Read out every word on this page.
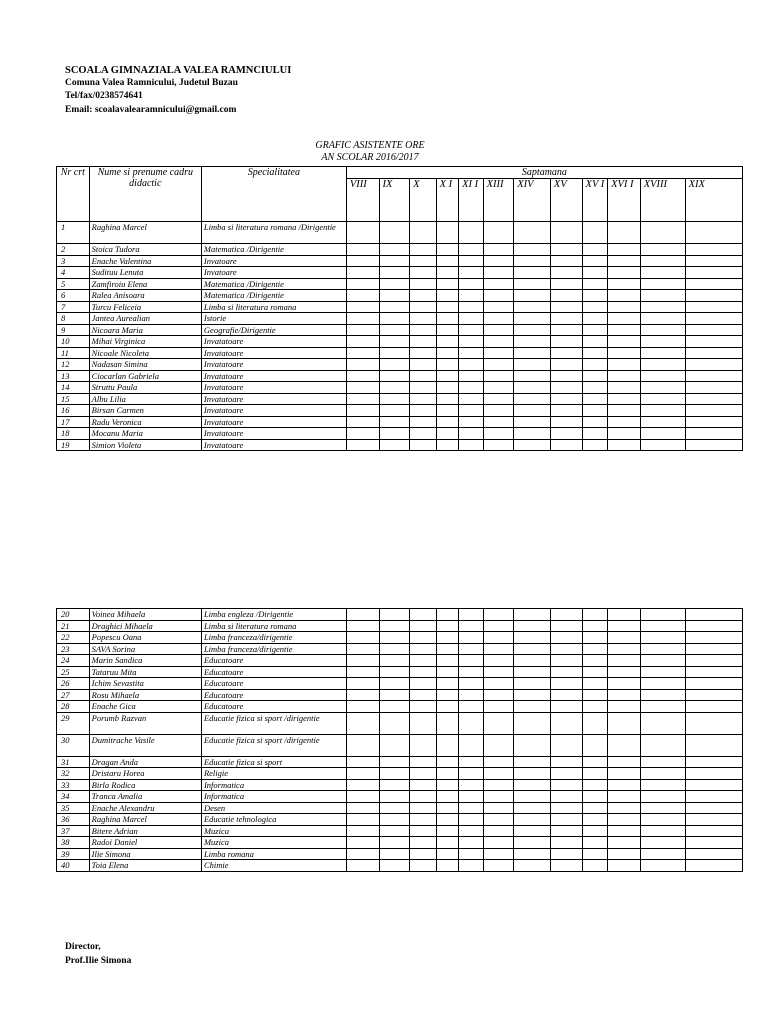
SCOALA GIMNAZIALA VALEA RAMNCIULUI
Comuna Valea Ramnicului, Judetul Buzau
Tel/fax/0238574641
Email: scoalavalearamnicului@gmail.com
GRAFIC ASISTENTE ORE
AN SCOLAR 2016/2017
Nr crt	Nume si prenume cadru didactic	Specialitatea	Saptamana											
			VIII	IX	X	X I	XI I	XIII	XIV	XV	XV I	XVI I	XVIII	XIX
1	Raghina Marcel	Limba si literatura romana /Dirigentie												
2	Stoica Tudora	Matematica /Dirigentie												
3	Enache Valentina	Invatoare												
4	Sudituu Lenuta	Invatoare												
5	Zamfiroiu Elena	Matematica /Dirigentie												
6	Ralea Anisoara	Matematica /Dirigentie												
7	Turcu Feliceia	Limba si literatura romana												
8	Jantea Aurealian	Istorie												
9	Nicoara Maria	Geografie/Dirigentie												
10	Mihai Virginica	Invatatoare												
11	Nicoale Nicoleta	Invatatoare												
12	Nadasan Simina	Invatatoare												
13	Ciocarlan Gabriela	Invatatoare												
14	Struttu Paula	Invatatoare												
15	Albu Lilia	Invatatoare												
16	Birsan Carmen	Invatatoare												
17	Radu Veronica	Invatatoare												
18	Mocanu Maria	Invatatoare												
19	Simion Violeta	Invatatoare												
20	Voinea Mihaela	Limba engleza /Dirigentie												
21	Draghici Mihaela	Limba si literatura romana												
22	Popescu Oana	Limba franceza/dirigentie												
23	SAVA Sorina	Limba franceza/dirigentie												
24	Marin Sandica	Educatoare												
25	Tataruu Mita	Educatoare												
26	Ichim Sevastita	Educatoare												
27	Rosu Mihaela	Educatoare												
28	Enache Gica	Educatoare												
29	Porumb Razvan	Educatie fizica si sport /dirigentie												
30	Dumitrache Vasile	Educatie fizica si sport /dirigentie												
31	Dragan Anda	Educatie fizica si sport												
32	Dristaru Horea	Religie												
33	Birla Rodica	Informatica												
34	Tranca Amalia	Informatica												
35	Enache Alexandru	Desen												
36	Raghina Marcel	Educatie tehnologica												
37	Bitere Adrian	Muzica												
38	Radoi Daniel	Muzica												
39	Ilie Simona	Limba romana												
40	Toia Elena	Chimie												
Director,
Prof.Ilie Simona
